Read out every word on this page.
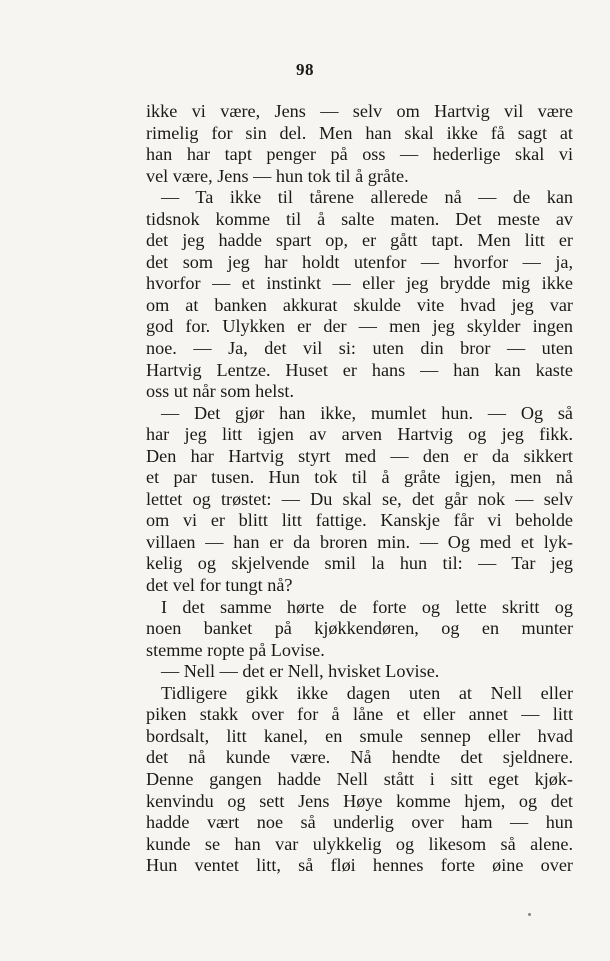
98
ikke vi være, Jens — selv om Hartvig vil være
rimelig for sin del. Men han skal ikke få sagt at
han har tapt penger på oss — hederlige skal vi
vel være, Jens — hun tok til å gråte.
— Ta ikke til tårene allerede nå — de kan
tidsnok komme til å salte maten. Det meste av
det jeg hadde spart op, er gått tapt. Men litt er
det som jeg har holdt utenfor — hvorfor — ja,
hvorfor — et instinkt — eller jeg brydde mig ikke
om at banken akkurat skulde vite hvad jeg var
god for. Ulykken er der — men jeg skylder ingen
noe. — Ja, det vil si: uten din bror — uten
Hartvig Lentze. Huset er hans — han kan kaste
oss ut når som helst.
— Det gjør han ikke, mumlet hun. — Og så
har jeg litt igjen av arven Hartvig og jeg fikk.
Den har Hartvig styrt med — den er da sikkert
et par tusen. Hun tok til å gråte igjen, men nå
lettet og trøstet: — Du skal se, det går nok — selv
om vi er blitt litt fattige. Kanskje får vi beholde
villaen — han er da broren min. — Og med et lyk-
kelig og skjelvende smil la hun til: — Tar jeg
det vel for tungt nå?
I det samme hørte de forte og lette skritt og
noen banket på kjøkkendøren, og en munter
stemme ropte på Lovise.
— Nell — det er Nell, hvisket Lovise.
Tidligere gikk ikke dagen uten at Nell eller
piken stakk over for å låne et eller annet — litt
bordsalt, litt kanel, en smule sennep eller hvad
det nå kunde være. Nå hendte det sjeldnere.
Denne gangen hadde Nell stått i sitt eget kjøk-
kenvindu og sett Jens Høye komme hjem, og det
hadde vært noe så underlig over ham — hun
kunde se han var ulykkelig og likesom så alene.
Hun ventet litt, så fløi hennes forte øine over
